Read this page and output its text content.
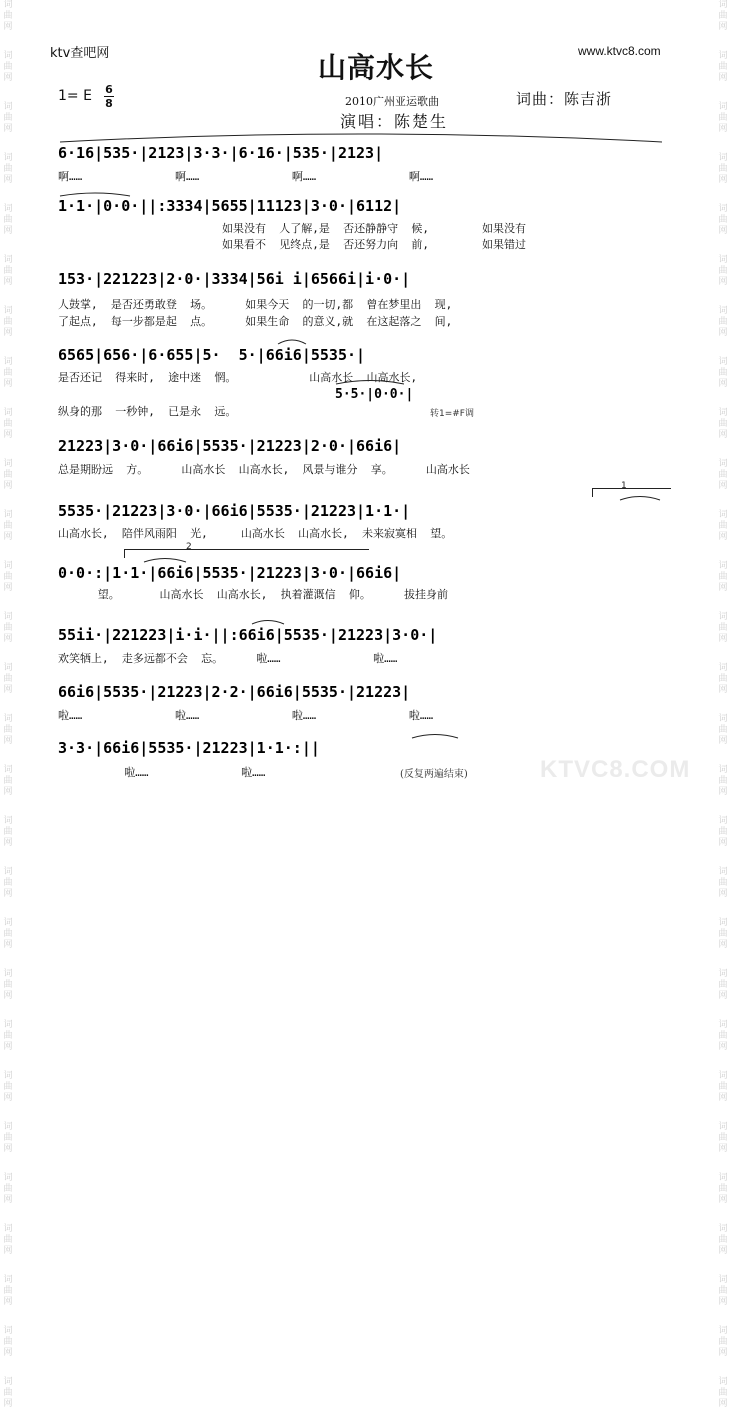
词
曲
网
词
曲
网
词
曲
网
词
曲
网
词
曲
网
词
曲
网
词
曲
网
词
曲
网
词
曲
网
词
曲
网
词
曲
网
词
曲
网
词
曲
网
词
曲
网
词
曲
网
词
曲
网
词
曲
网
词
曲
网
词
曲
网
词
曲
网
词
曲
网
词
曲
网
词
曲
网
词
曲
网
词
曲
网
词
曲
网
词
曲
网
词
曲
网
词
曲
网
词
曲
网
词
曲
网
词
曲
网
词
曲
网
词
曲
网
词
曲
网
词
曲
网
词
曲
网
词
曲
网
词
曲
网
词
曲
网
词
曲
网
词
曲
网
词
曲
网
词
曲
网
词
曲
网
词
曲
网
词
曲
网
词
曲
网
词
曲
网
词
曲
网
词
曲
网
词
曲
网
词
曲
网
词
曲
网
词
曲
网
词
曲
网
ktv查吧网	www.ktvc8.com
山高水长
1= E 6
8	2010广州亚运歌曲	词曲：陈吉浙
演唱：陈楚生
6·16|535·|2123|3·3·|6·16·|535·|2123|
啊……              啊……              啊……              啊……
1·1·|0·0·||:3334|5655|11123|3·0·|6112|
如果没有  人了解,是  否还静静守  候,        如果没有
如果看不  见终点,是  否还努力向  前,        如果错过
153·|221223|2·0·|3334|56i i|6566i|i·0·|
人鼓掌,  是否还勇敢登  场。     如果今天  的一切,都  曾在梦里出  现,
了起点,  每一步都是起  点。     如果生命  的意义,就  在这起落之  间,
6565|656·|6·655|5·  5·|66i6|5535·|
是否还记  得来时,  途中迷  惘。           山高水长  山高水长,
5·5·|0·0·|
纵身的那  一秒钟,  已是永  远。	转1=#F调
21223|3·0·|66i6|5535·|21223|2·0·|66i6|
总是期盼远  方。     山高水长  山高水长,  风景与谁分  享。     山高水长
1
5535·|21223|3·0·|66i6|5535·|21223|1·1·|
山高水长,  陪伴风雨阳  光,     山高水长  山高水长,  未来寂寞相  望。
2
0·0·:|1·1·|66i6|5535·|21223|3·0·|66i6|
望。      山高水长  山高水长,  执着灌溉信  仰。     拔挂身前
55ii·|221223|i·i·||:66i6|5535·|21223|3·0·|
欢笑牺上,  走多远都不会  忘。     啦……              啦……
66i6|5535·|21223|2·2·|66i6|5535·|21223|
啦……              啦……              啦……              啦……
3·3·|66i6|5535·|21223|1·1·:||
啦……              啦……	(反复两遍结束)	KTVC8.COM
